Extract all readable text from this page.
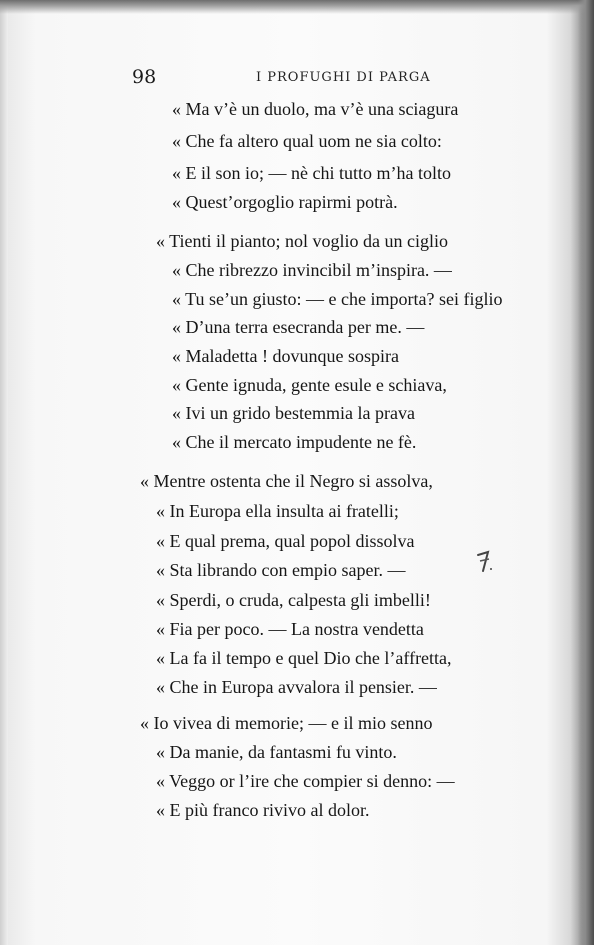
98	I PROFUGHI DI PARGA
« Ma v’è un duolo, ma v’è una sciagura
« Che fa altero qual uom ne sia colto:
« E il son io; — nè chi tutto m’ha tolto
« Quest’orgoglio rapirmi potrà.
« Tienti il pianto; nol voglio da un ciglio
« Che ribrezzo invincibil m’inspira. —
« Tu se’un giusto: — e che importa? sei figlio
« D’una terra esecranda per me. —
« Maladetta ! dovunque sospira
« Gente ignuda, gente esule e schiava,
« Ivi un grido bestemmia la prava
« Che il mercato impudente ne fè.
« Mentre ostenta che il Negro si assolva,
« In Europa ella insulta ai fratelli;
« E qual prema, qual popol dissolva
« Sta librando con empio saper. —
« Sperdi, o cruda, calpesta gli imbelli!
« Fia per poco. — La nostra vendetta
« La fa il tempo e quel Dio che l’affretta,
« Che in Europa avvalora il pensier. —
« Io vivea di memorie; — e il mio senno
« Da manie, da fantasmi fu vinto.
« Veggo or l’ire che compier si denno: —
« E più franco rivivo al dolor.
